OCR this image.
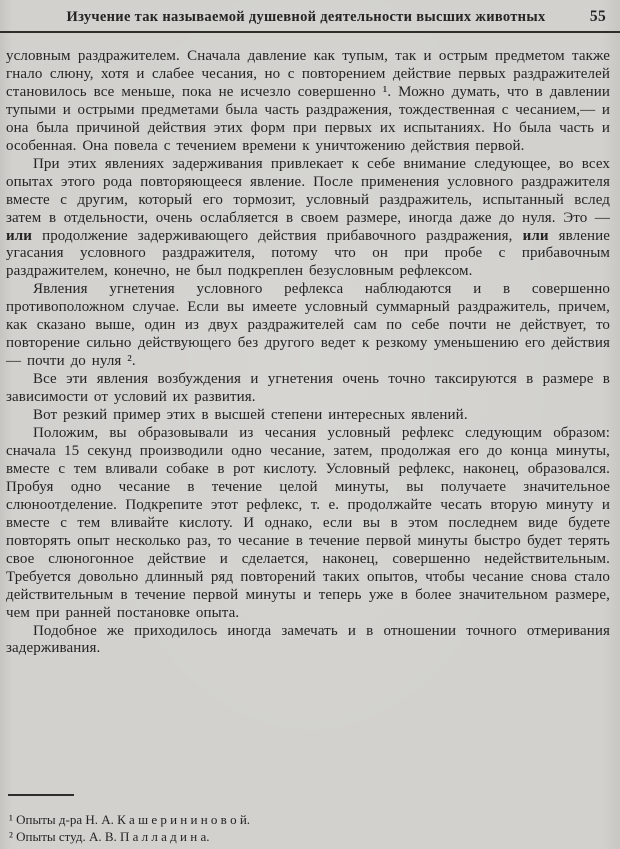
Изучение так называемой душевной деятельности высших животных	55

условным раздражителем. Сначала давление как тупым, так и острым предметом также гнало слюну, хотя и слабее чесания, но с повторением действие первых раздражителей становилось все меньше, пока не исчезло совершенно ¹. Можно думать, что в давлении тупыми и острыми предметами была часть раздражения, тождественная с чесанием,— и она была причиной действия этих форм при первых их испытаниях. Но была часть и особенная. Она повела с течением времени к уничтожению действия первой.

При этих явлениях задерживания привлекает к себе внимание следующее, во всех опытах этого рода повторяющееся явление. После применения условного раздражителя вместе с другим, который его тормозит, условный раздражитель, испытанный вслед затем в отдельности, очень ослабляется в своем размере, иногда даже до нуля. Это — или продолжение задерживающего действия прибавочного раздражения, или явление угасания условного раздражителя, потому что он при пробе с прибавочным раздражителем, конечно, не был подкреплен безусловным рефлексом.

Явления угнетения условного рефлекса наблюдаются и в совершенно противоположном случае. Если вы имеете условный суммарный раздражитель, причем, как сказано выше, один из двух раздражителей сам по себе почти не действует, то повторение сильно действующего без другого ведет к резкому уменьшению его действия — почти до нуля ².

Все эти явления возбуждения и угнетения очень точно таксируются в размере в зависимости от условий их развития.

Вот резкий пример этих в высшей степени интересных явлений.

Положим, вы образовывали из чесания условный рефлекс следующим образом: сначала 15 секунд производили одно чесание, затем, продолжая его до конца минуты, вместе с тем вливали собаке в рот кислоту. Условный рефлекс, наконец, образовался. Пробуя одно чесание в течение целой минуты, вы получаете значительное слюноотделение. Подкрепите этот рефлекс, т. е. продолжайте чесать вторую минуту и вместе с тем вливайте кислоту. И однако, если вы в этом последнем виде будете повторять опыт несколько раз, то чесание в течение первой минуты быстро будет терять свое слюногонное действие и сделается, наконец, совершенно недействительным. Требуется довольно длинный ряд повторений таких опытов, чтобы чесание снова стало действительным в течение первой минуты и теперь уже в более значительном размере, чем при ранней постановке опыта.

Подобное же приходилось иногда замечать и в отношении точного отмеривания задерживания.

¹ Опыты д-ра Н. А. К а ш е р и н и н о в о й.

² Опыты студ. А. В. П а л л а д и н а.
